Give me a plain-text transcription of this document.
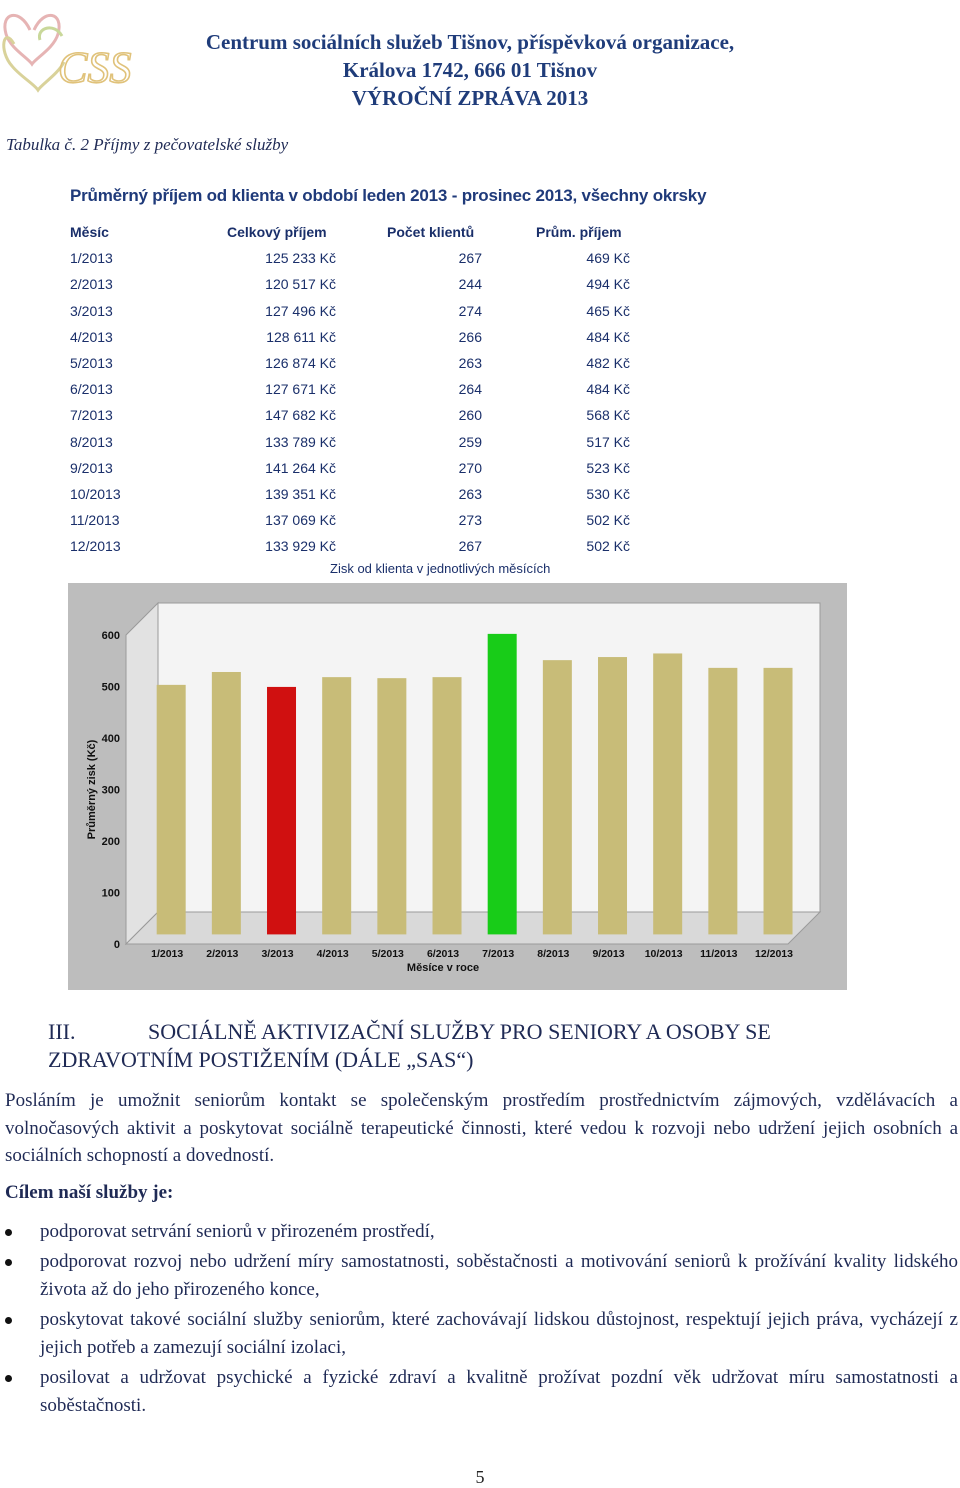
CSS
Centrum sociálních služeb Tišnov, příspěvková organizace,
Králova 1742, 666 01 Tišnov
VÝROČNÍ ZPRÁVA 2013
Tabulka č. 2 Příjmy z pečovatelské služby
Průměrný příjem od klienta v období leden 2013 - prosinec 2013, všechny okrsky
Měsíc	Celkový příjem	Počet klientů	Prům. příjem
1/2013	125 233 Kč	267	469 Kč
2/2013	120 517 Kč	244	494 Kč
3/2013	127 496 Kč	274	465 Kč
4/2013	128 611 Kč	266	484 Kč
5/2013	126 874 Kč	263	482 Kč
6/2013	127 671 Kč	264	484 Kč
7/2013	147 682 Kč	260	568 Kč
8/2013	133 789 Kč	259	517 Kč
9/2013	141 264 Kč	270	523 Kč
10/2013	139 351 Kč	263	530 Kč
11/2013	137 069 Kč	273	502 Kč
12/2013	133 929 Kč	267	502 Kč
Zisk od klienta v jednotlivých měsících
0
100
200
300
400
500
600
Průměrný zisk (Kč)
1/2013 2/2013 3/2013 4/2013 5/2013 6/2013 7/2013 8/2013 9/2013 10/2013 11/2013 12/2013
Měsíce v roce
III.	SOCIÁLNĚ AKTIVIZAČNÍ SLUŽBY PRO SENIORY A OSOBY SE
ZDRAVOTNÍM POSTIŽENÍM (DÁLE „SAS“)
Posláním je umožnit seniorům kontakt se společenským prostředím prostřednictvím zájmových, vzdělávacích a volnočasových aktivit a poskytovat sociálně terapeutické činnosti, které vedou k rozvoji nebo udržení jejich osobních a sociálních schopností a dovedností.
Cílem naší služby je:
podporovat setrvání seniorů v přirozeném prostředí,
podporovat rozvoj nebo udržení míry samostatnosti, soběstačnosti a motivování seniorů k prožívání kvality lidského života až do jeho přirozeného konce,
poskytovat takové sociální služby seniorům, které zachovávají lidskou důstojnost, respektují jejich práva, vycházejí z jejich potřeb a zamezují sociální izolaci,
posilovat a udržovat psychické a fyzické zdraví a kvalitně prožívat pozdní věk udržovat míru samostatnosti a soběstačnosti.
5
